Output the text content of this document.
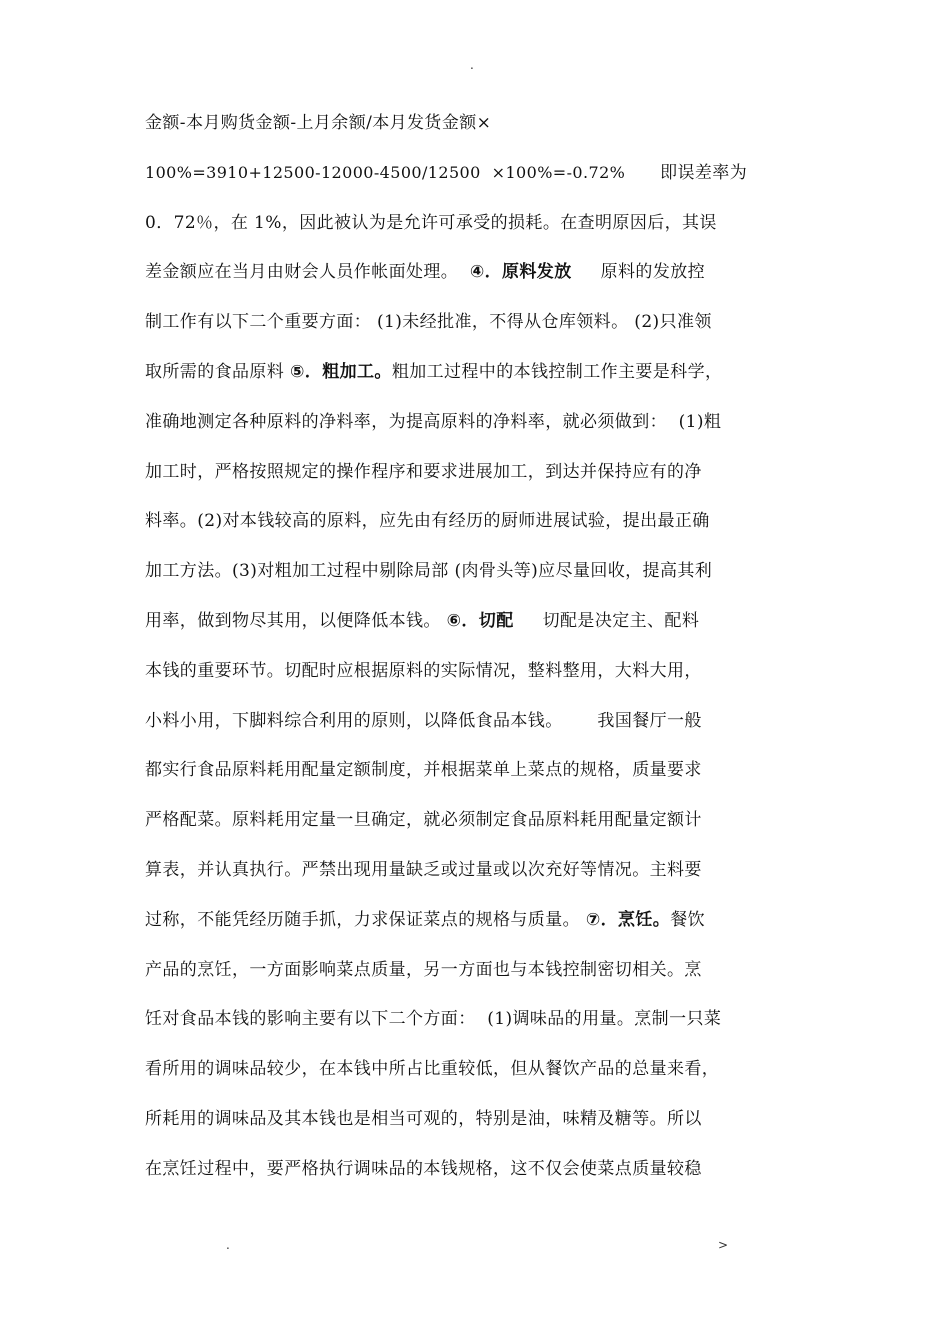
.
金额-本月购货金额-上月余额/本月发货金额×
100%=3910+12500-12000-4500/12500  ×100%=-0.72%      即误差率为
0．72％，在 1%，因此被认为是允许可承受的损耗。在查明原因后，其误
差金额应在当月由财会人员作帐面处理。  ④．原料发放     原料的发放控
制工作有以下二个重要方面： (1)未经批准，不得从仓库领料。 (2)只准领
取所需的食品原料 ⑤．粗加工。粗加工过程中的本钱控制工作主要是科学，
准确地测定各种原料的净料率，为提高原料的净料率，就必须做到：  (1)粗
加工时，严格按照规定的操作程序和要求进展加工，到达并保持应有的净
料率。(2)对本钱较高的原料，应先由有经历的厨师进展试验，提出最正确
加工方法。(3)对粗加工过程中剔除局部 (肉骨头等)应尽量回收，提高其利
用率，做到物尽其用，以便降低本钱。 ⑥．切配     切配是决定主、配料
本钱的重要环节。切配时应根据原料的实际情况，整料整用，大料大用，
小料小用，下脚料综合利用的原则，以降低食品本钱。      我国餐厅一般
都实行食品原料耗用配量定额制度，并根据菜单上菜点的规格，质量要求
严格配菜。原料耗用定量一旦确定，就必须制定食品原料耗用配量定额计
算表，并认真执行。严禁出现用量缺乏或过量或以次充好等情况。主料要
过称，不能凭经历随手抓，力求保证菜点的规格与质量。 ⑦．烹饪。餐饮
产品的烹饪，一方面影响菜点质量，另一方面也与本钱控制密切相关。烹
饪对食品本钱的影响主要有以下二个方面：  (1)调味品的用量。烹制一只菜
看所用的调味品较少，在本钱中所占比重较低，但从餐饮产品的总量来看，
所耗用的调味品及其本钱也是相当可观的，特别是油，味精及糖等。所以
在烹饪过程中，要严格执行调味品的本钱规格，这不仅会使菜点质量较稳
.	>
